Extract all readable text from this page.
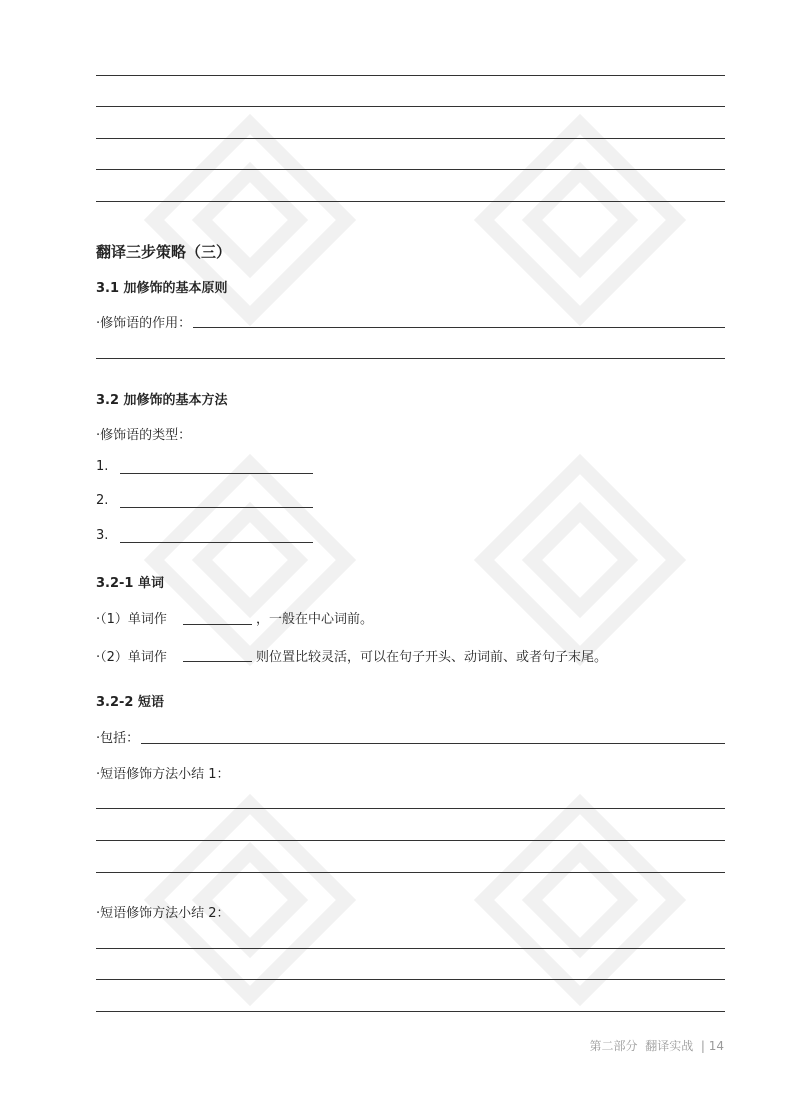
翻译三步策略（三）
3.1 加修饰的基本原则
·修饰语的作用：
3.2 加修饰的基本方法
·修饰语的类型：
1.
2.
3.
3.2-1 单词
·（1）单词作	，一般在中心词前。
·（2）单词作	则位置比较灵活，可以在句子开头、动词前、或者句子末尾。
3.2-2 短语
·包括：
·短语修饰方法小结 1：
·短语修饰方法小结 2：
第二部分 翻译实战 | 14
